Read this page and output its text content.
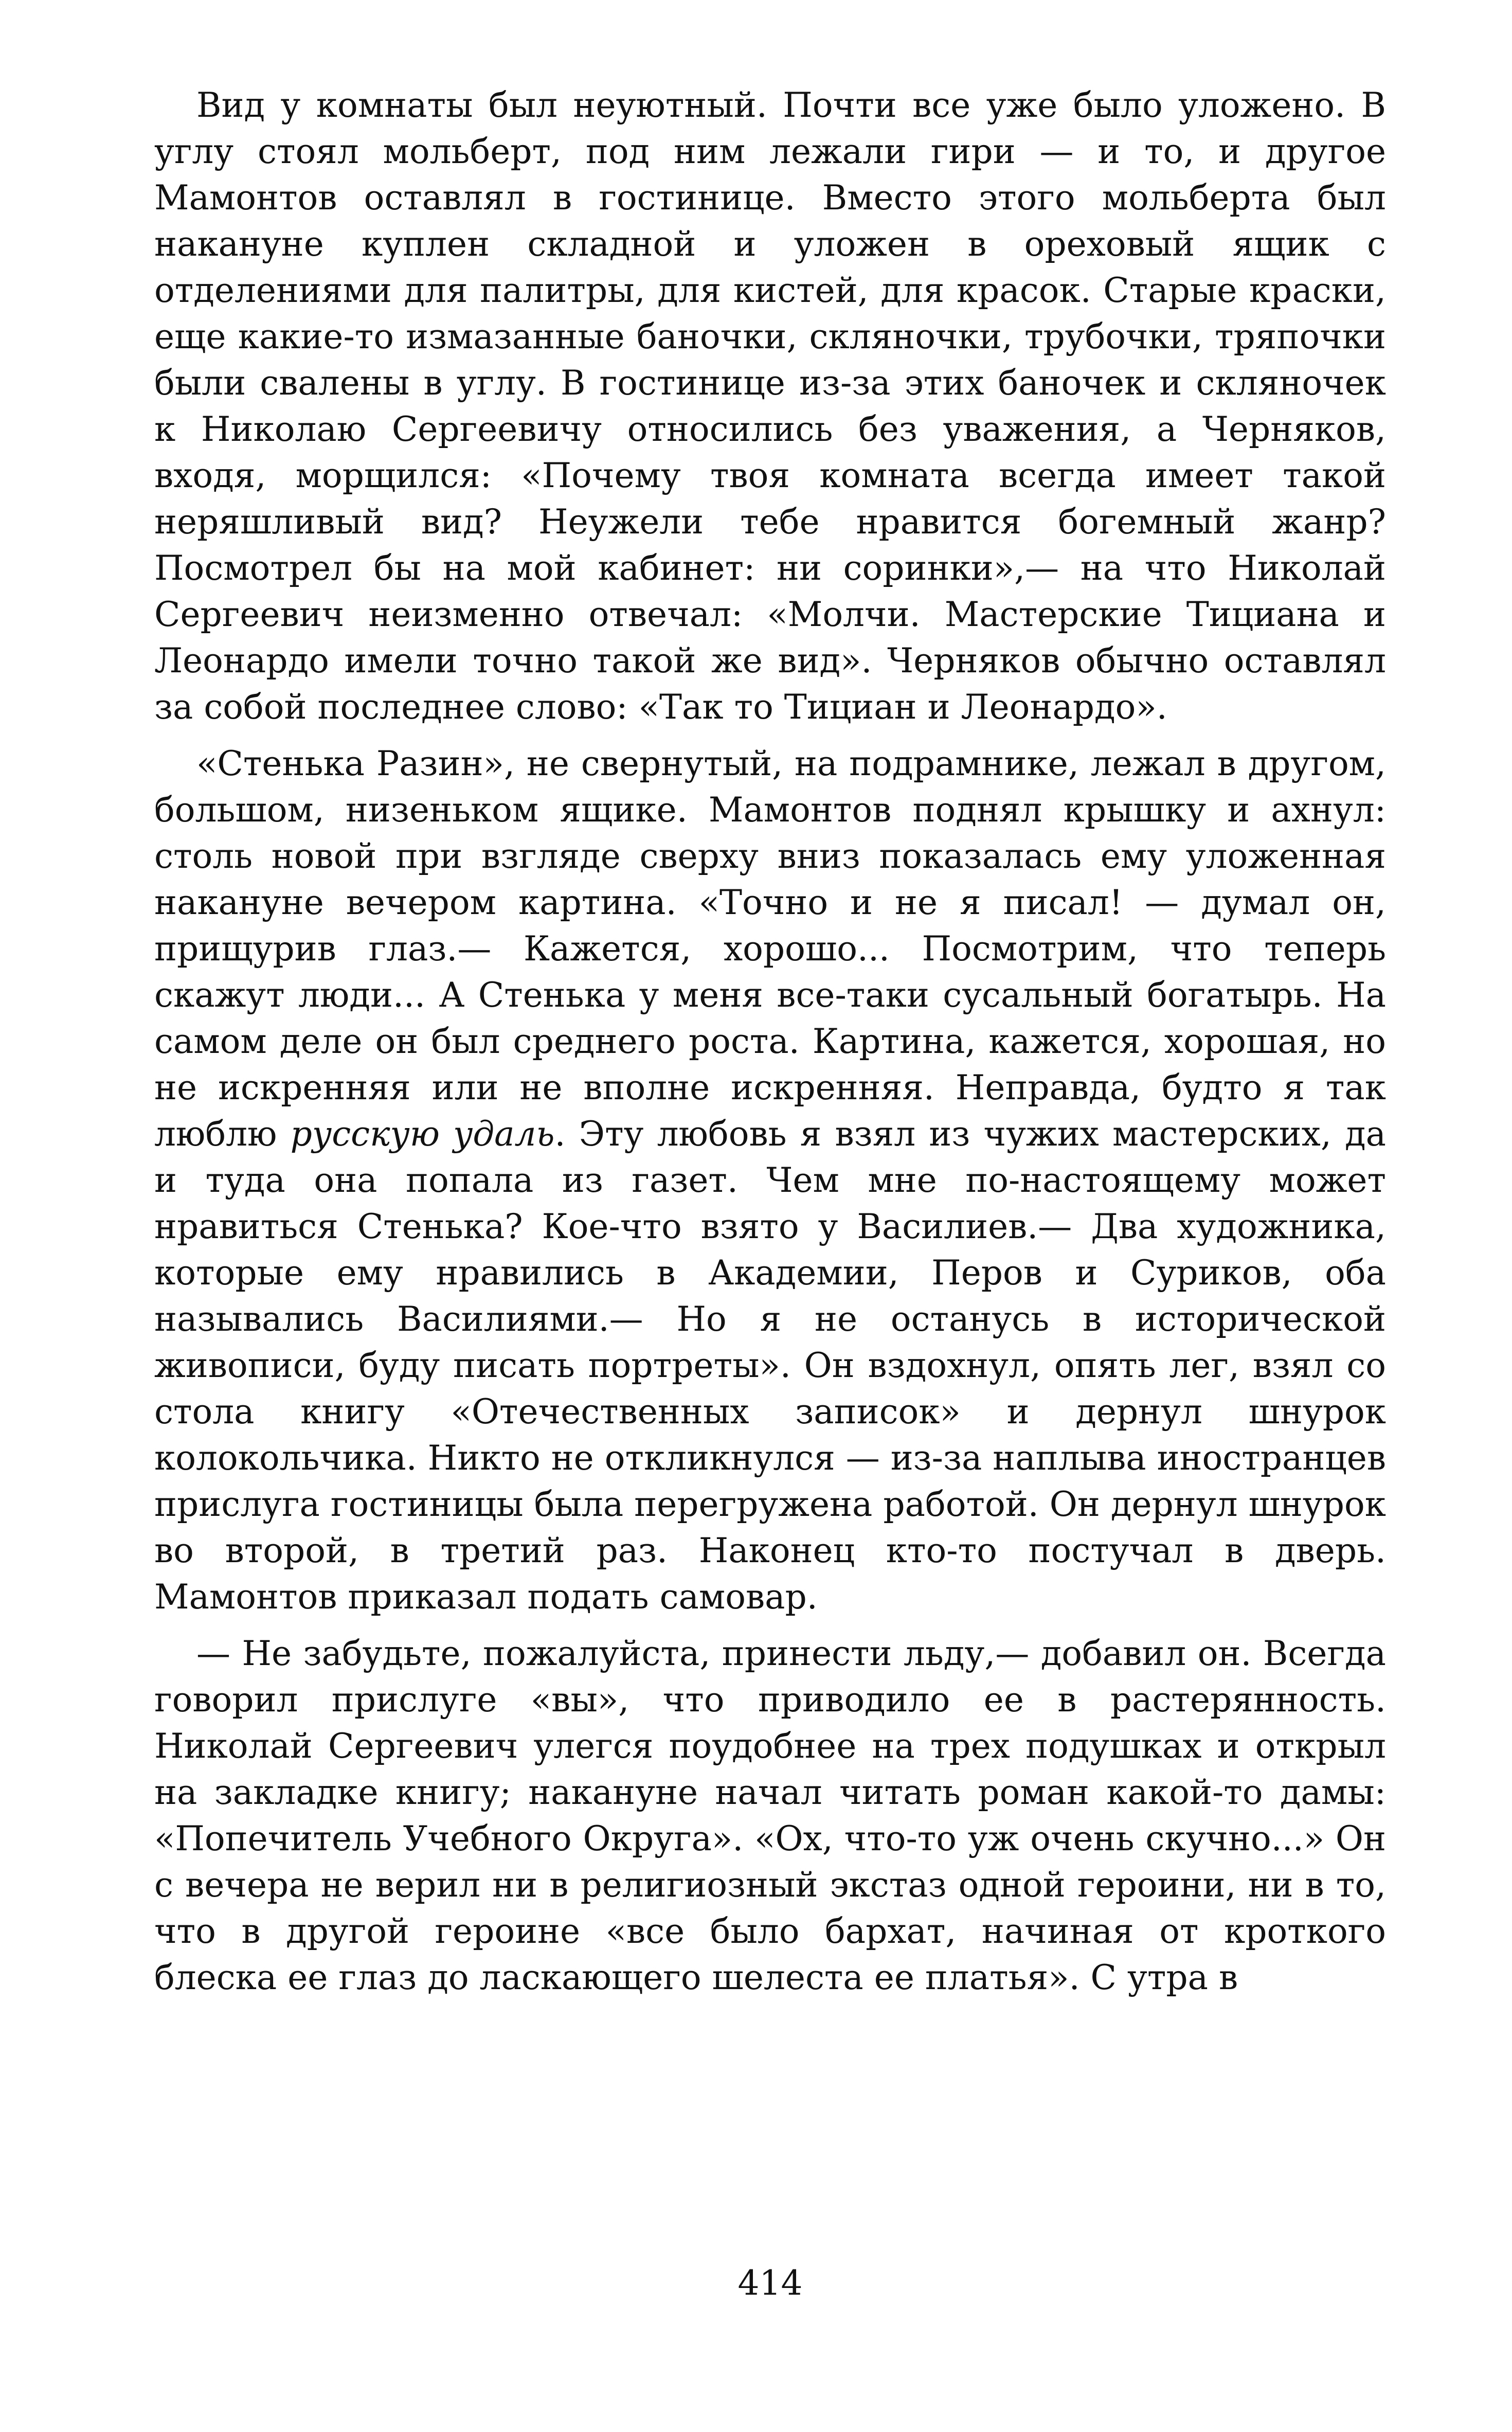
Вид у комнаты был неуютный. Почти все уже было уложено. В углу стоял мольберт, под ним лежали гири — и то, и другое Мамонтов оставлял в гостинице. Вместо этого мольберта был накануне куплен складной и уложен в ореховый ящик с отделениями для палитры, для кистей, для красок. Старые краски, еще какие-то измазанные баночки, скляночки, трубочки, тряпочки были свалены в углу. В гостинице из-за этих баночек и скляночек к Николаю Сергеевичу относились без уважения, а Черняков, входя, морщился: «Почему твоя комната всегда имеет такой неряшливый вид? Неужели тебе нравится богемный жанр? Посмотрел бы на мой кабинет: ни соринки»,— на что Николай Сергеевич неизменно отвечал: «Молчи. Мастерские Тициана и Леонардо имели точно такой же вид». Черняков обычно оставлял за собой последнее слово: «Так то Тициан и Леонардо».

«Стенька Разин», не свернутый, на подрамнике, лежал в другом, большом, низеньком ящике. Мамонтов поднял крышку и ахнул: столь новой при взгляде сверху вниз показалась ему уложенная накануне вечером картина. «Точно и не я писал! — думал он, прищурив глаз.— Кажется, хорошо... Посмотрим, что теперь скажут люди... А Стенька у меня все-таки сусальный богатырь. На самом деле он был среднего роста. Картина, кажется, хорошая, но не искренняя или не вполне искренняя. Неправда, будто я так люблю русскую удаль. Эту любовь я взял из чужих мастерских, да и туда она попала из газет. Чем мне по-настоящему может нравиться Стенька? Кое-что взято у Василиев.— Два художника, которые ему нравились в Академии, Перов и Суриков, оба назывались Василиями.— Но я не останусь в исторической живописи, буду писать портреты». Он вздохнул, опять лег, взял со стола книгу «Отечественных записок» и дернул шнурок колокольчика. Никто не откликнулся — из-за наплыва иностранцев прислуга гостиницы была перегружена работой. Он дернул шнурок во второй, в третий раз. Наконец кто-то постучал в дверь. Мамонтов приказал подать самовар.

— Не забудьте, пожалуйста, принести льду,— добавил он. Всегда говорил прислуге «вы», что приводило ее в растерянность. Николай Сергеевич улегся поудобнее на трех подушках и открыл на закладке книгу; накануне начал читать роман какой-то дамы: «Попечитель Учебного Округа». «Ох, что-то уж очень скучно...» Он с вечера не верил ни в религиозный экстаз одной героини, ни в то, что в другой героине «все было бархат, начиная от кроткого блеска ее глаз до ласкающего шелеста ее платья». С утра в

414
